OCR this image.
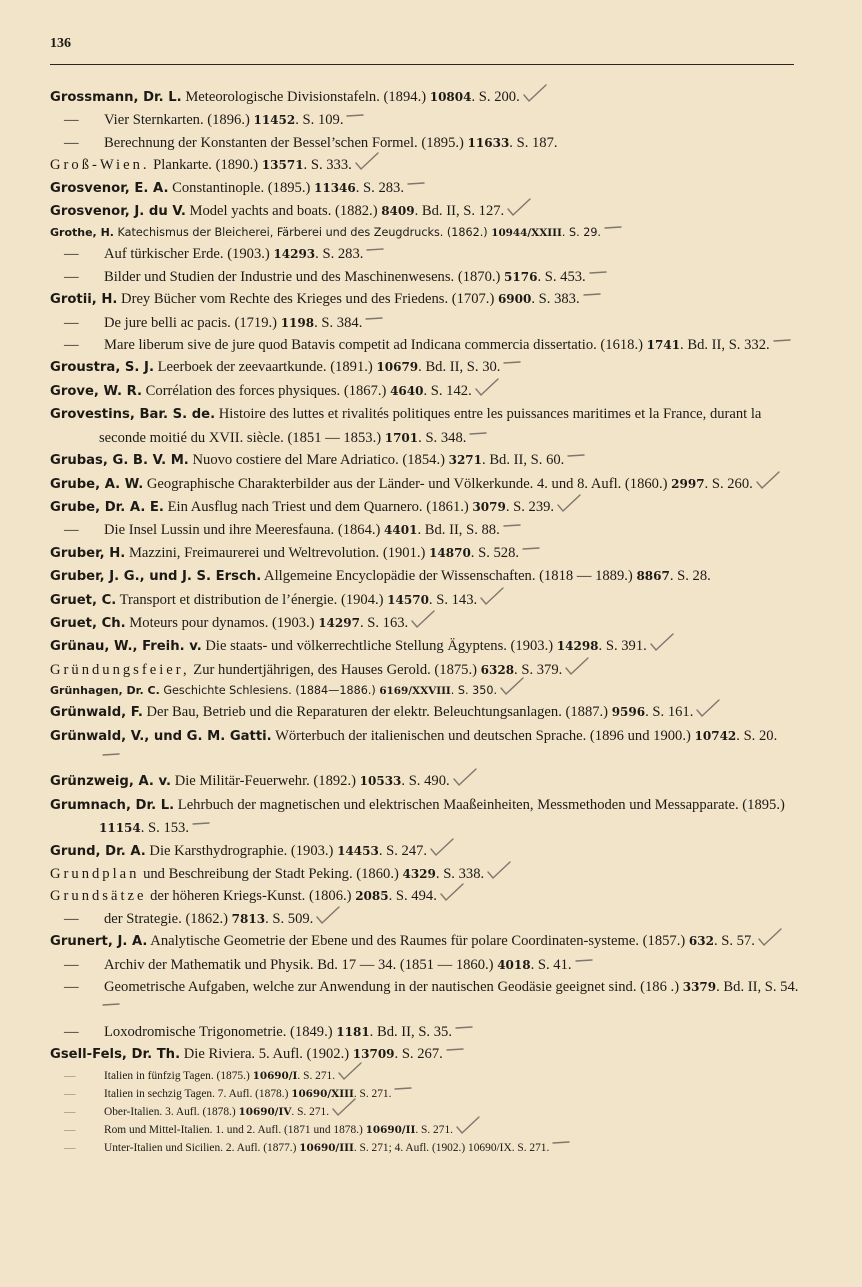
136

Grossmann, Dr. L. Meteorologische Divisionstafeln. (1894.) 10804. S. 200.

— Vier Sternkarten. (1896.) 11452. S. 109.

— Berechnung der Konstanten der Bessel’schen Formel. (1895.) 11633. S. 187.

Groß-Wien. Plankarte. (1890.) 13571. S. 333.

Grosvenor, E. A. Constantinople. (1895.) 11346. S. 283.

Grosvenor, J. du V. Model yachts and boats. (1882.) 8409. Bd. II, S. 127.

Grothe, H. Katechismus der Bleicherei, Färberei und des Zeugdrucks. (1862.) 10944/XXIII. S. 29.

— Auf türkischer Erde. (1903.) 14293. S. 283.

— Bilder und Studien der Industrie und des Maschinenwesens. (1870.) 5176. S. 453.

Grotii, H. Drey Bücher vom Rechte des Krieges und des Friedens. (1707.) 6900. S. 383.

— De jure belli ac pacis. (1719.) 1198. S. 384.

— Mare liberum sive de jure quod Batavis competit ad Indicana commercia dissertatio. (1618.) 1741. Bd. II, S. 332.

Groustra, S. J. Leerboek der zeevaartkunde. (1891.) 10679. Bd. II, S. 30.

Grove, W. R. Corrélation des forces physiques. (1867.) 4640. S. 142.

Grovestins, Bar. S. de. Histoire des luttes et rivalités politiques entre les puissances maritimes et la France, durant la seconde moitié du XVII. siècle. (1851 — 1853.) 1701. S. 348.

Grubas, G. B. V. M. Nuovo costiere del Mare Adriatico. (1854.) 3271. Bd. II, S. 60.

Grube, A. W. Geographische Charakterbilder aus der Länder- und Völkerkunde. 4. und 8. Aufl. (1860.) 2997. S. 260.

Grube, Dr. A. E. Ein Ausflug nach Triest und dem Quarnero. (1861.) 3079. S. 239.

— Die Insel Lussin und ihre Meeresfauna. (1864.) 4401. Bd. II, S. 88.

Gruber, H. Mazzini, Freimaurerei und Weltrevolution. (1901.) 14870. S. 528.

Gruber, J. G., und J. S. Ersch. Allgemeine Encyclopädie der Wissenschaften. (1818 — 1889.) 8867. S. 28.

Gruet, C. Transport et distribution de l’énergie. (1904.) 14570. S. 143.

Gruet, Ch. Moteurs pour dynamos. (1903.) 14297. S. 163.

Grünau, W., Freih. v. Die staats- und völkerrechtliche Stellung Ägyptens. (1903.) 14298. S. 391.

Gründungsfeier, Zur hundertjährigen, des Hauses Gerold. (1875.) 6328. S. 379.

Grünhagen, Dr. C. Geschichte Schlesiens. (1884—1886.) 6169/XXVIII. S. 350.

Grünwald, F. Der Bau, Betrieb und die Reparaturen der elektr. Beleuchtungsanlagen. (1887.) 9596. S. 161.

Grünwald, V., und G. M. Gatti. Wörterbuch der italienischen und deutschen Sprache. (1896 und 1900.) 10742. S. 20.

Grünzweig, A. v. Die Militär-Feuerwehr. (1892.) 10533. S. 490.

Grumnach, Dr. L. Lehrbuch der magnetischen und elektrischen Maaßeinheiten, Messmethoden und Messapparate. (1895.) 11154. S. 153.

Grund, Dr. A. Die Karsthydrographie. (1903.) 14453. S. 247.

Grundplan und Beschreibung der Stadt Peking. (1860.) 4329. S. 338.

Grundsätze der höheren Kriegs-Kunst. (1806.) 2085. S. 494.

— der Strategie. (1862.) 7813. S. 509.

Grunert, J. A. Analytische Geometrie der Ebene und des Raumes für polare Coordinaten-systeme. (1857.) 632. S. 57.

— Archiv der Mathematik und Physik. Bd. 17 — 34. (1851 — 1860.) 4018. S. 41.

— Geometrische Aufgaben, welche zur Anwendung in der nautischen Geodäsie geeignet sind. (186 .) 3379. Bd. II, S. 54.

— Loxodromische Trigonometrie. (1849.) 1181. Bd. II, S. 35.

Gsell-Fels, Dr. Th. Die Riviera. 5. Aufl. (1902.) 13709. S. 267.

—	Italien in fünfzig Tagen. (1875.) 10690/I. S. 271.

—	Italien in sechzig Tagen. 7. Aufl. (1878.) 10690/XIII. S. 271.

—	Ober-Italien. 3. Aufl. (1878.) 10690/IV. S. 271.

—	Rom und Mittel-Italien. 1. und 2. Aufl. (1871 und 1878.) 10690/II. S. 271.

—	Unter-Italien und Sicilien. 2. Aufl. (1877.) 10690/III. S. 271; 4. Aufl. (1902.) 10690/IX. S. 271.
